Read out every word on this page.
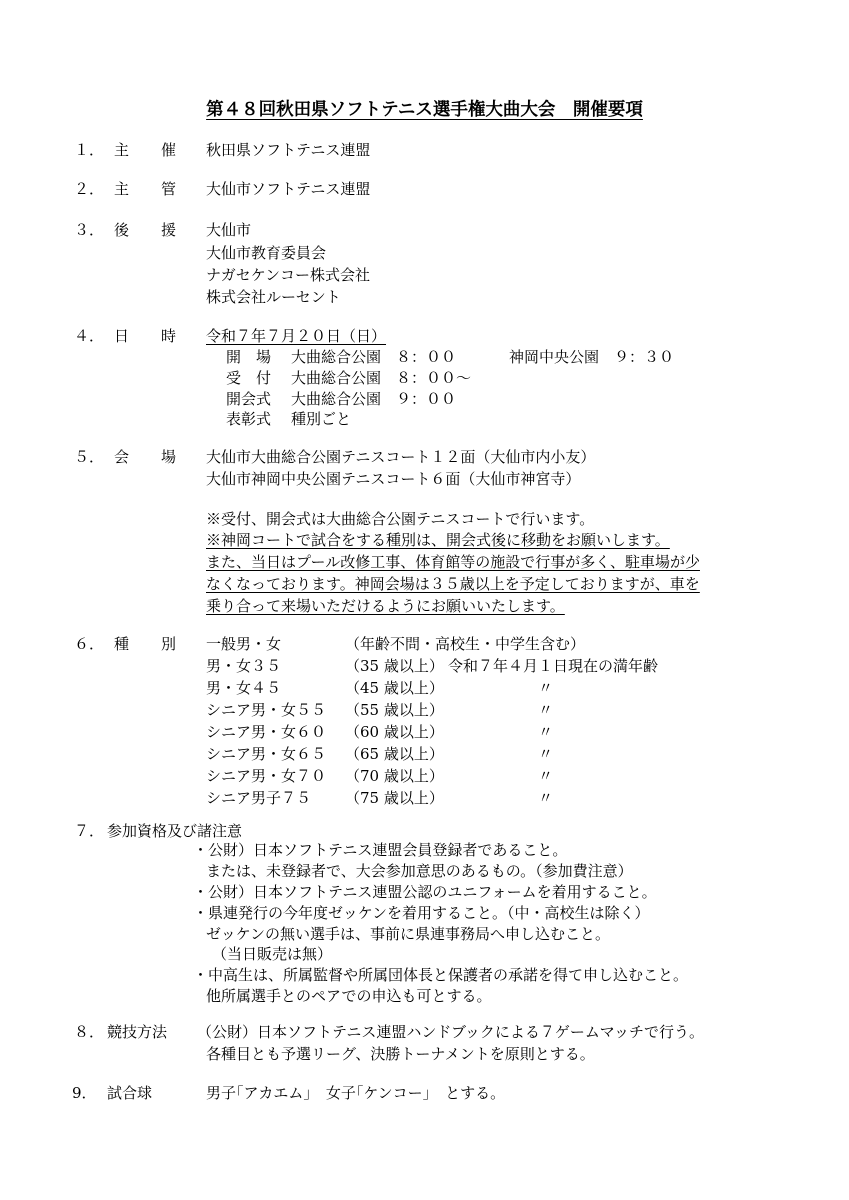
第４８回秋田県ソフトテニス選手権大曲大会　開催要項
１． 主 催 秋田県ソフトテニス連盟
２． 主 管 大仙市ソフトテニス連盟
３． 後 援 大仙市
大仙市教育委員会
ナガセケンコー株式会社
株式会社ルーセント
４． 日 時 令和７年７月２０日（日）
開　場 大曲総合公園　８：００	神岡中央公園　９：３０
受　付 大曲総合公園　８：００～
開会式 大曲総合公園　９：００
表彰式 種別ごと
５． 会 場 大仙市大曲総合公園テニスコート１２面（大仙市内小友）
大仙市神岡中央公園テニスコート６面（大仙市神宮寺）
※受付、開会式は大曲総合公園テニスコートで行います。
※神岡コートで試合をする種別は、開会式後に移動をお願いします。
また、当日はプール改修工事、体育館等の施設で行事が多く、駐車場が少
なくなっております。神岡会場は３５歳以上を予定しておりますが、車を
乗り合って来場いただけるようにお願いいたします。
６． 種 別 一般男・女	（年齢不問・高校生・中学生含む）
男・女３５	（35 歳以上） 令和７年４月１日現在の満年齢
男・女４５	（45 歳以上）	〃
シニア男・女５５ （55 歳以上）	〃
シニア男・女６０ （60 歳以上）	〃
シニア男・女６５ （65 歳以上）	〃
シニア男・女７０ （70 歳以上）	〃
シニア男子７５ （75 歳以上）	〃
７． 参加資格及び諸注意
・公財）日本ソフトテニス連盟会員登録者であること。
または、未登録者で、大会参加意思のあるもの。（参加費注意）
・公財）日本ソフトテニス連盟公認のユニフォームを着用すること。
・県連発行の今年度ゼッケンを着用すること。（中・高校生は除く）
ゼッケンの無い選手は、事前に県連事務局へ申し込むこと。
（当日販売は無）
・中高生は、所属監督や所属団体長と保護者の承諾を得て申し込むこと。
他所属選手とのペアでの申込も可とする。
８． 競技方法 （公財）日本ソフトテニス連盟ハンドブックによる７ゲームマッチで行う。
各種目とも予選リーグ、決勝トーナメントを原則とする。
9． 試合球	男子｢アカエム」　女子｢ケンコー」　とする。
